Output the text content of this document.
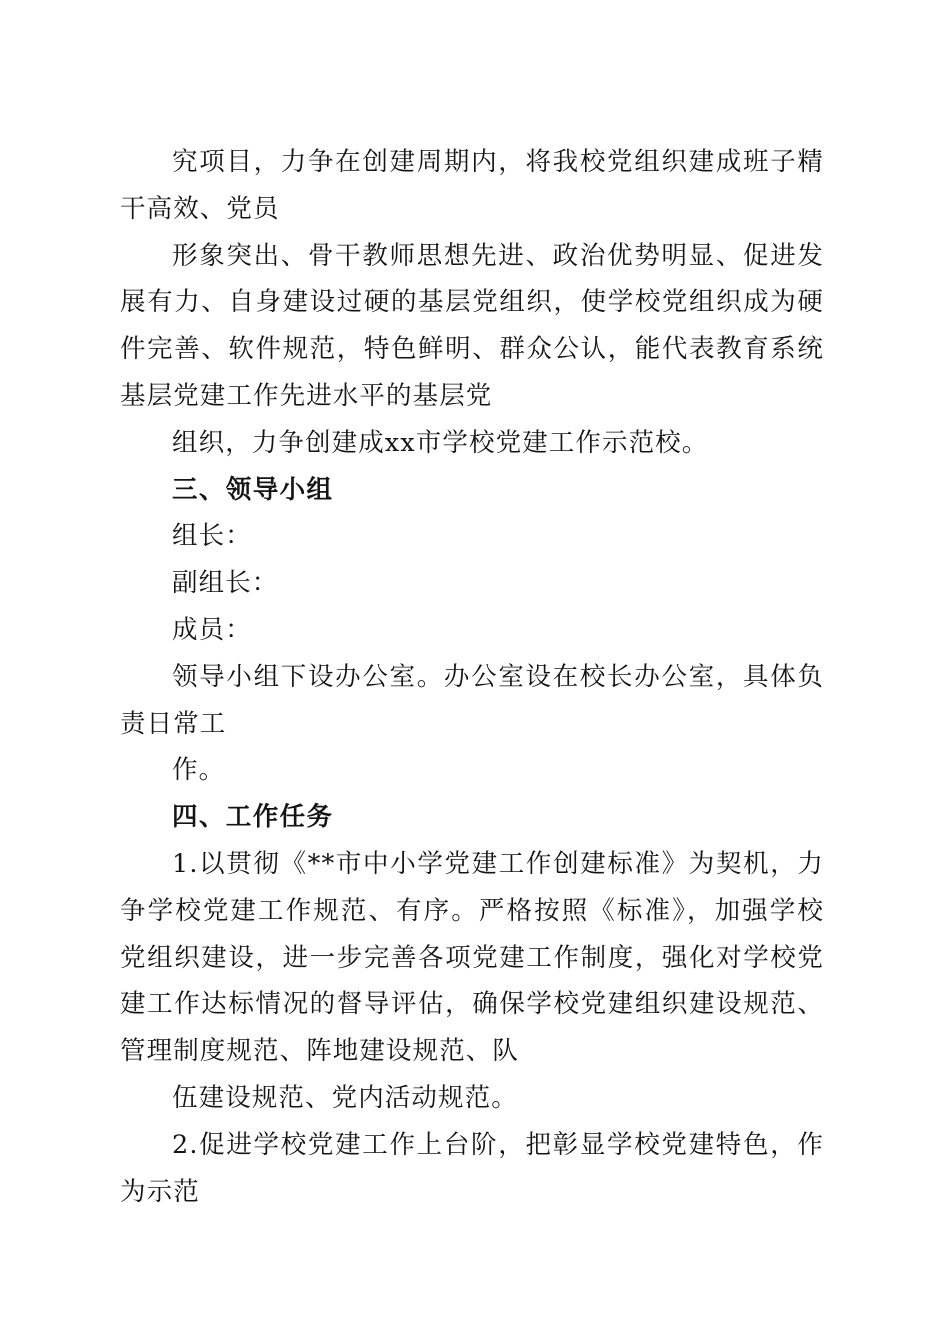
究项目，力争在创建周期内，将我校党组织建成班子精干高效、党员

形象突出、骨干教师思想先进、政治优势明显、促进发展有力、自身建设过硬的基层党组织，使学校党组织成为硬件完善、软件规范，特色鲜明、群众公认，能代表教育系统基层党建工作先进水平的基层党

组织，力争创建成xx市学校党建工作示范校。

三、领导小组

组长：

副组长：

成员：

领导小组下设办公室。办公室设在校长办公室，具体负责日常工

作。

四、工作任务

1.以贯彻《**市中小学党建工作创建标准》为契机，力争学校党建工作规范、有序。严格按照《标准》，加强学校党组织建设，进一步完善各项党建工作制度，强化对学校党建工作达标情况的督导评估，确保学校党建组织建设规范、管理制度规范、阵地建设规范、队

伍建设规范、党内活动规范。

2.促进学校党建工作上台阶，把彰显学校党建特色，作为示范
